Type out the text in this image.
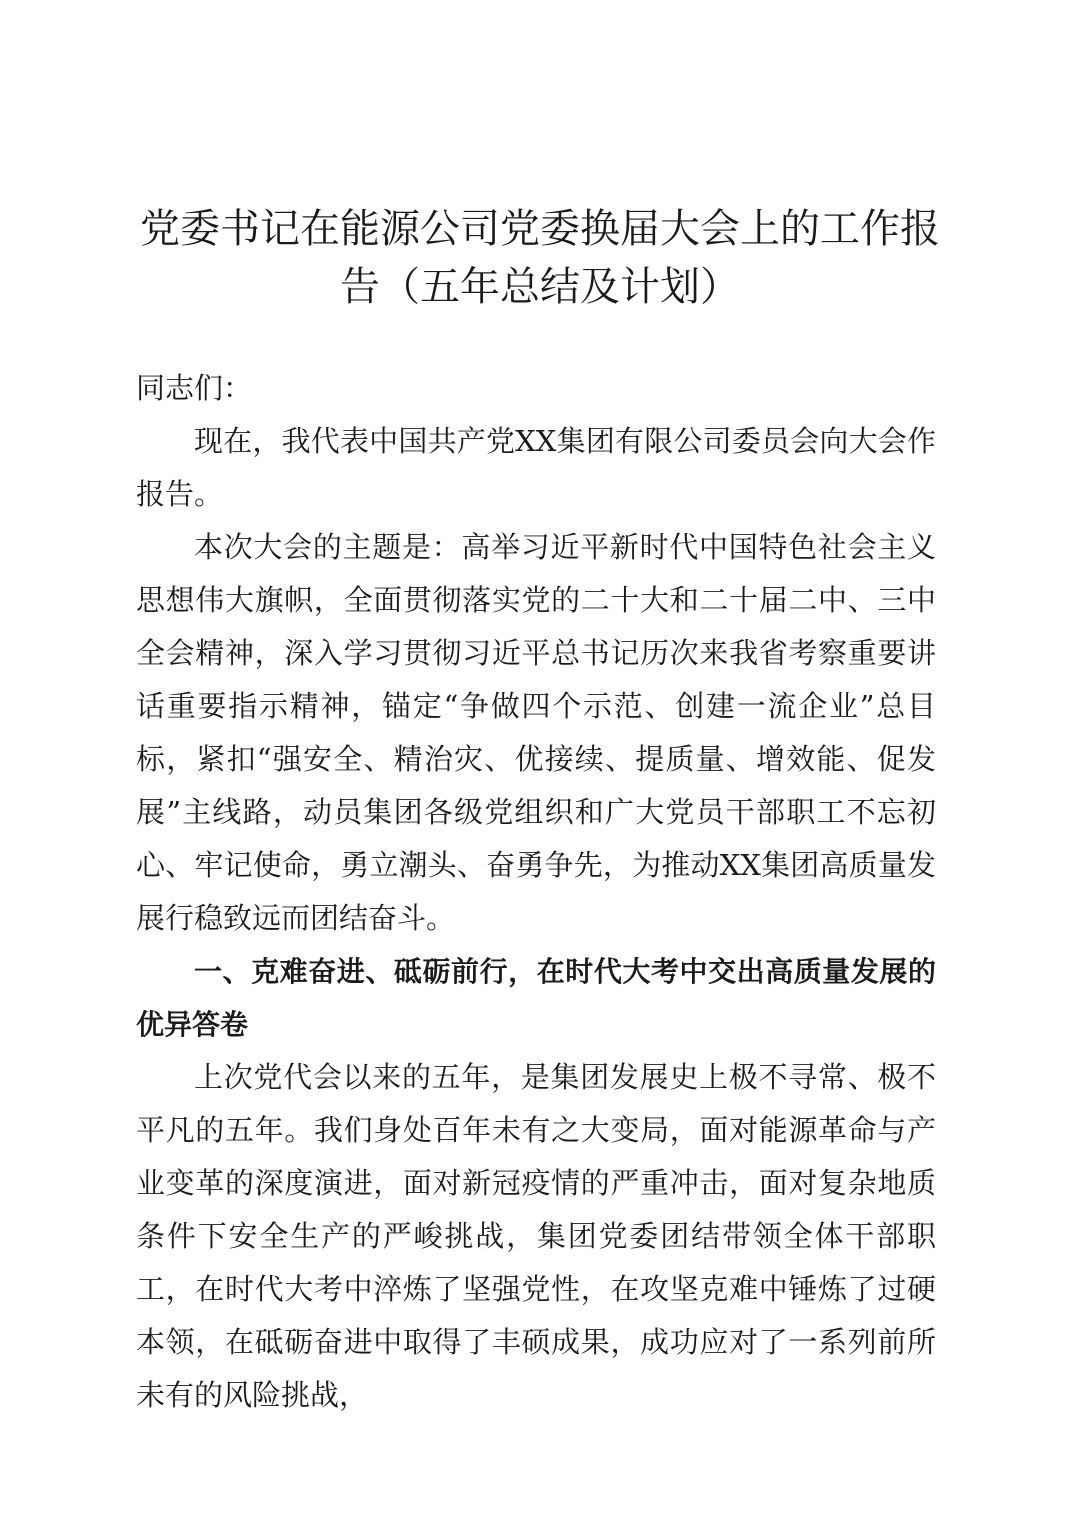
党委书记在能源公司党委换届大会上的工作报
告（五年总结及计划）

同志们：

现在，我代表中国共产党XX集团有限公司委员会向大会作报告。

本次大会的主题是：高举习近平新时代中国特色社会主义思想伟大旗帜，全面贯彻落实党的二十大和二十届二中、三中全会精神，深入学习贯彻习近平总书记历次来我省考察重要讲话重要指示精神，锚定“争做四个示范、创建一流企业”总目标，紧扣“强安全、精治灾、优接续、提质量、增效能、促发展”主线路，动员集团各级党组织和广大党员干部职工不忘初心、牢记使命，勇立潮头、奋勇争先，为推动XX集团高质量发展行稳致远而团结奋斗。

一、克难奋进、砥砺前行，在时代大考中交出高质量发展的优异答卷

上次党代会以来的五年，是集团发展史上极不寻常、极不平凡的五年。我们身处百年未有之大变局，面对能源革命与产业变革的深度演进，面对新冠疫情的严重冲击，面对复杂地质条件下安全生产的严峻挑战，集团党委团结带领全体干部职工，在时代大考中淬炼了坚强党性，在攻坚克难中锤炼了过硬本领，在砥砺奋进中取得了丰硕成果，成功应对了一系列前所未有的风险挑战，
